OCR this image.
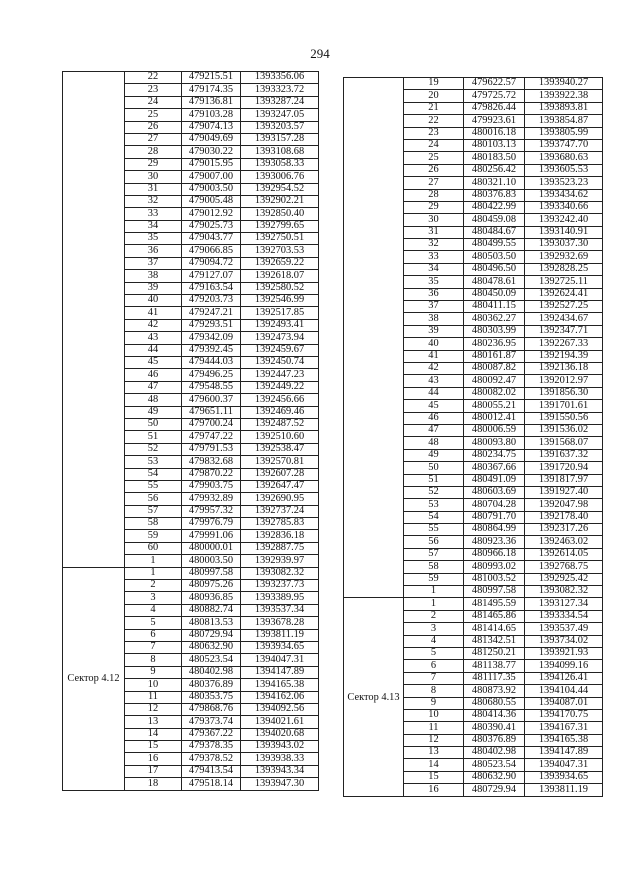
294
	22	479215.51	1393356.06
	23	479174.35	1393323.72
	24	479136.81	1393287.24
	25	479103.28	1393247.05
	26	479074.13	1393203.57
	27	479049.69	1393157.28
	28	479030.22	1393108.68
	29	479015.95	1393058.33
	30	479007.00	1393006.76
	31	479003.50	1392954.52
	32	479005.48	1392902.21
	33	479012.92	1392850.40
	34	479025.73	1392799.65
	35	479043.77	1392750.51
	36	479066.85	1392703.53
	37	479094.72	1392659.22
	38	479127.07	1392618.07
	39	479163.54	1392580.52
	40	479203.73	1392546.99
	41	479247.21	1392517.85
	42	479293.51	1392493.41
	43	479342.09	1392473.94
	44	479392.45	1392459.67
	45	479444.03	1392450.74
	46	479496.25	1392447.23
	47	479548.55	1392449.22
	48	479600.37	1392456.66
	49	479651.11	1392469.46
	50	479700.24	1392487.52
	51	479747.22	1392510.60
	52	479791.53	1392538.47
	53	479832.68	1392570.81
	54	479870.22	1392607.28
	55	479903.75	1392647.47
	56	479932.89	1392690.95
	57	479957.32	1392737.24
	58	479976.79	1392785.83
	59	479991.06	1392836.18
	60	480000.01	1392887.75
	1	480003.50	1392939.97

Сектор 4.12	1	480997.58	1393082.32
	2	480975.26	1393237.73
	3	480936.85	1393389.95
	4	480882.74	1393537.34
	5	480813.53	1393678.28
	6	480729.94	1393811.19
	7	480632.90	1393934.65
	8	480523.54	1394047.31
	9	480402.98	1394147.89
	10	480376.89	1394165.38
	11	480353.75	1394162.06
	12	479868.76	1394092.56
	13	479373.74	1394021.61
	14	479367.22	1394020.68
	15	479378.35	1393943.02
	16	479378.52	1393938.33
	17	479413.54	1393943.34
	18	479518.14	1393947.30
	19	479622.57	1393940.27
	20	479725.72	1393922.38
	21	479826.44	1393893.81
	22	479923.61	1393854.87
	23	480016.18	1393805.99
	24	480103.13	1393747.70
	25	480183.50	1393680.63
	26	480256.42	1393605.53
	27	480321.10	1393523.23
	28	480376.83	1393434.62
	29	480422.99	1393340.66
	30	480459.08	1393242.40
	31	480484.67	1393140.91
	32	480499.55	1393037.30
	33	480503.50	1392932.69
	34	480496.50	1392828.25
	35	480478.61	1392725.11
	36	480450.09	1392624.41
	37	480411.15	1392527.25
	38	480362.27	1392434.67
	39	480303.99	1392347.71
	40	480236.95	1392267.33
	41	480161.87	1392194.39
	42	480087.82	1392136.18
	43	480092.47	1392012.97
	44	480082.02	1391856.30
	45	480055.21	1391701.61
	46	480012.41	1391550.56
	47	480006.59	1391536.02
	48	480093.80	1391568.07
	49	480234.75	1391637.32
	50	480367.66	1391720.94
	51	480491.09	1391817.97
	52	480603.69	1391927.40
	53	480704.28	1392047.98
	54	480791.70	1392178.40
	55	480864.99	1392317.26
	56	480923.36	1392463.02
	57	480966.18	1392614.05
	58	480993.02	1392768.75
	59	481003.52	1392925.42
	1	480997.58	1393082.32

Сектор 4.13	1	481495.59	1393127.34
	2	481465.86	1393334.54
	3	481414.65	1393537.49
	4	481342.51	1393734.02
	5	481250.21	1393921.93
	6	481138.77	1394099.16
	7	481117.35	1394126.41
	8	480873.92	1394104.44
	9	480680.55	1394087.01
	10	480414.36	1394170.75
	11	480390.41	1394167.31
	12	480376.89	1394165.38
	13	480402.98	1394147.89
	14	480523.54	1394047.31
	15	480632.90	1393934.65
	16	480729.94	1393811.19
